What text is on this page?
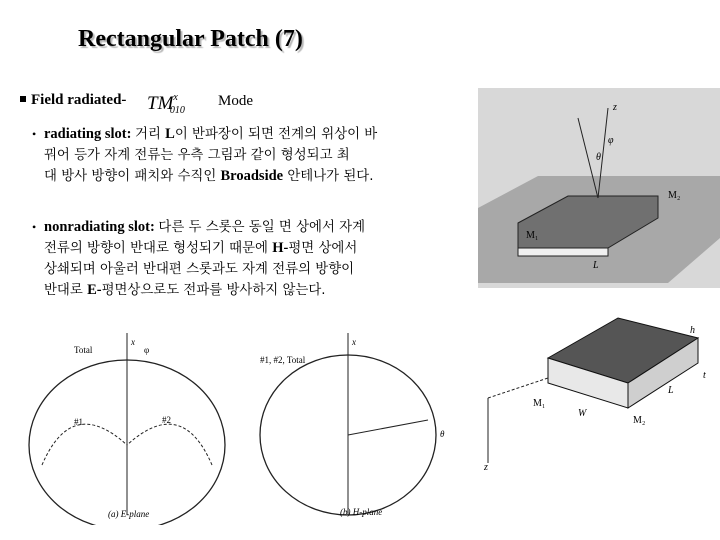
Rectangular Patch (7)
Field radiated- $TM^x_{010}$
Mode
• radiating slot: 거리 L이 반파장이 되면 전계의 위상이 바
꿔어 등가 자계 전류는 우측 그림과 같이 형성되고 최
대 방사 방향이 패치와 수직인 Broadside 안테나가 된다.
• nonradiating slot: 다른 두 스롯은 동일 면 상에서 자계
전류의 방향이 반대로 형성되기 때문에 H-평면 상에서
상쇄되며 아울러 반대편 스롯과도 자계 전류의 방향이
반대로 E-평면상으로도 전파를 방사하지 않는다.
θ
φ
z
M₂
M₁
L
h
t
M₁
M₂
W
L
z
x
φ
Total
#1	#2
(a) E-plane
x
#1, #2, Total
θ
(b) H-plane
